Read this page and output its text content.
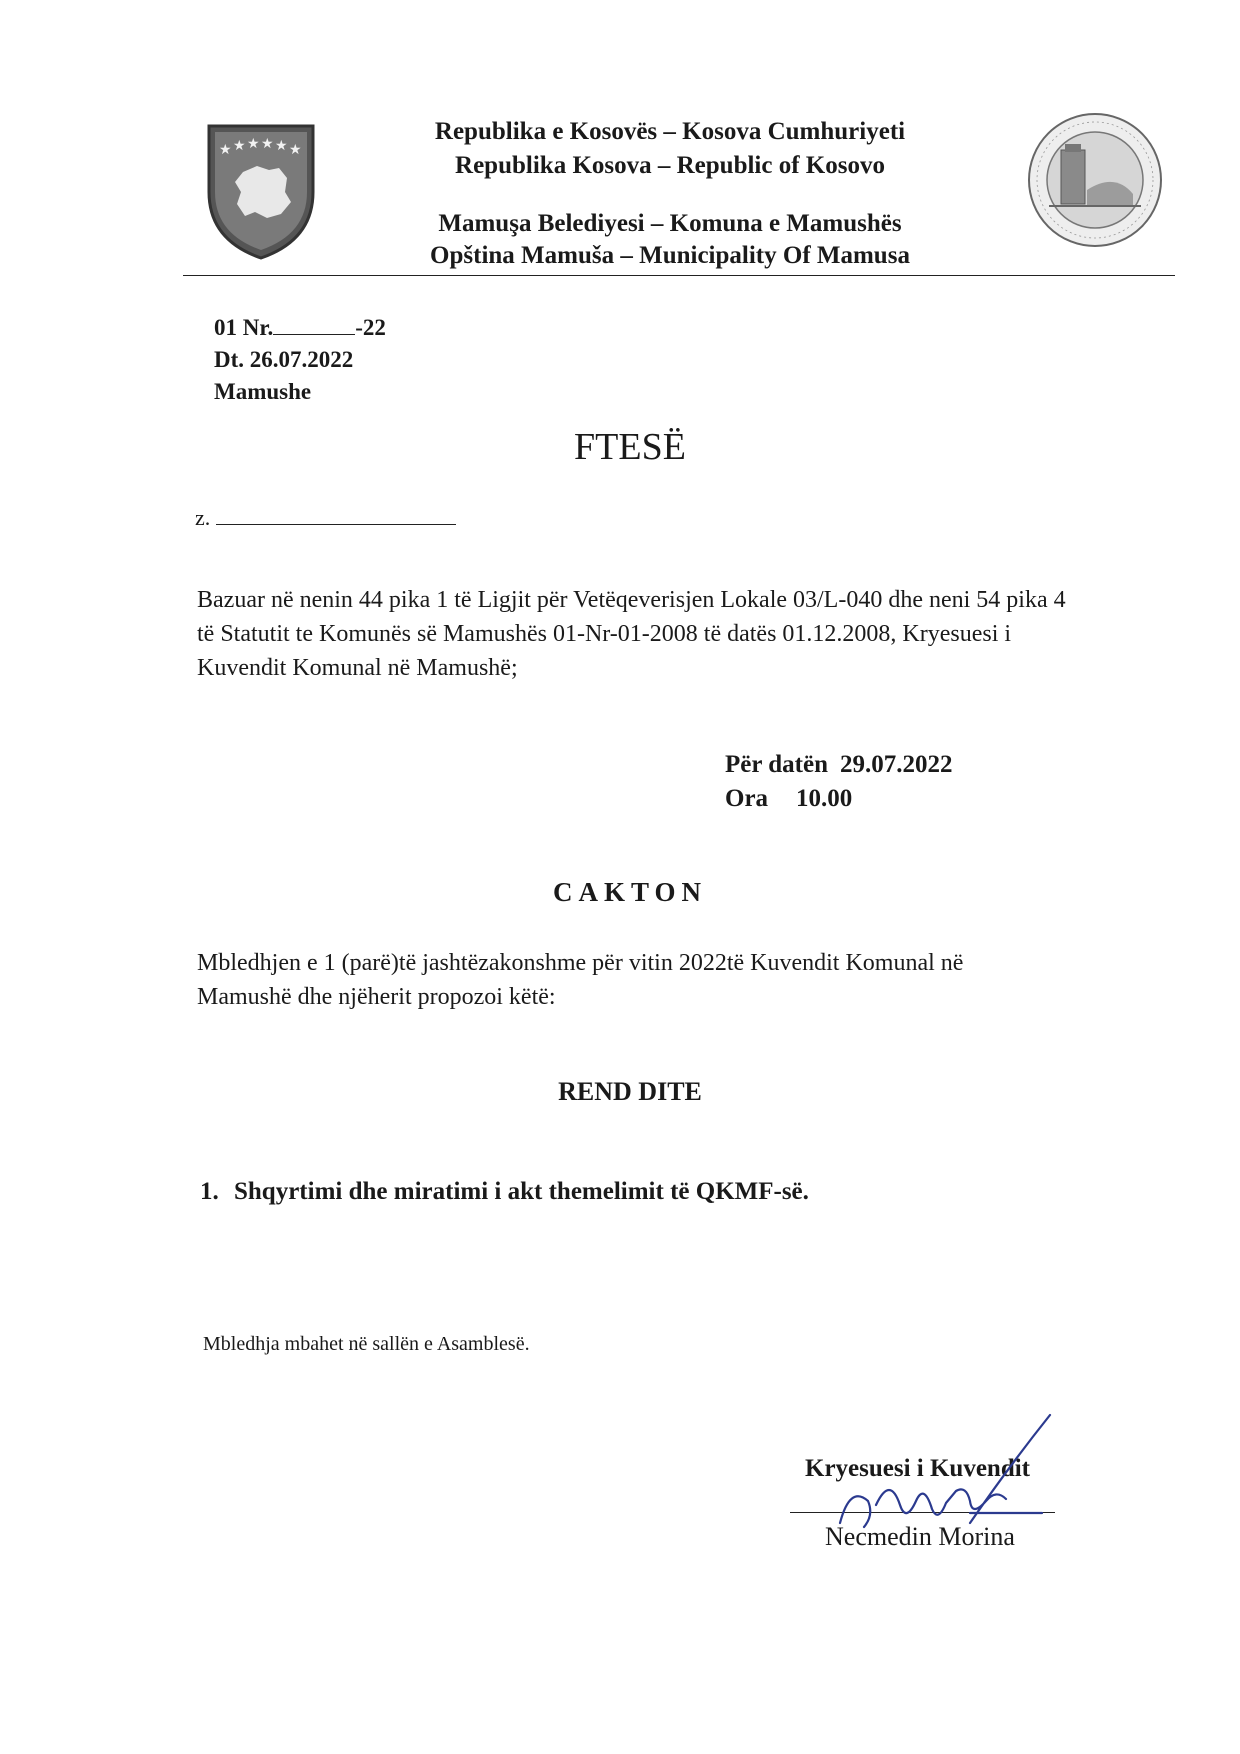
★ ★ ★ ★ ★ ★
Republika e Kosovës – Kosova Cumhuriyeti
Republika Kosova – Republic of Kosovo
Mamuşa Belediyesi – Komuna e Mamushës
Opština Mamuša – Municipality Of Mamusa
01 Nr.	-22
Dt. 26.07.2022
Mamushe
FTESË
z.
Bazuar në nenin 44 pika 1 të Ligjit për Vetëqeverisjen Lokale 03/L-040 dhe neni 54 pika 4 të Statutit te Komunës së Mamushës 01-Nr-01-2008 të datës 01.12.2008, Kryesuesi i Kuvendit Komunal në Mamushë;
Për datën 29.07.2022
Ora 10.00
CAKTON
Mbledhjen e 1 (parë)të jashtëzakonshme për vitin 2022të Kuvendit Komunal në Mamushë dhe njëherit propozoi këtë:
REND DITE
1. Shqyrtimi dhe miratimi i akt themelimit të QKMF-së.
Mbledhja mbahet në sallën e Asamblesë.
Kryesuesi i Kuvendit
Necmedin Morina
